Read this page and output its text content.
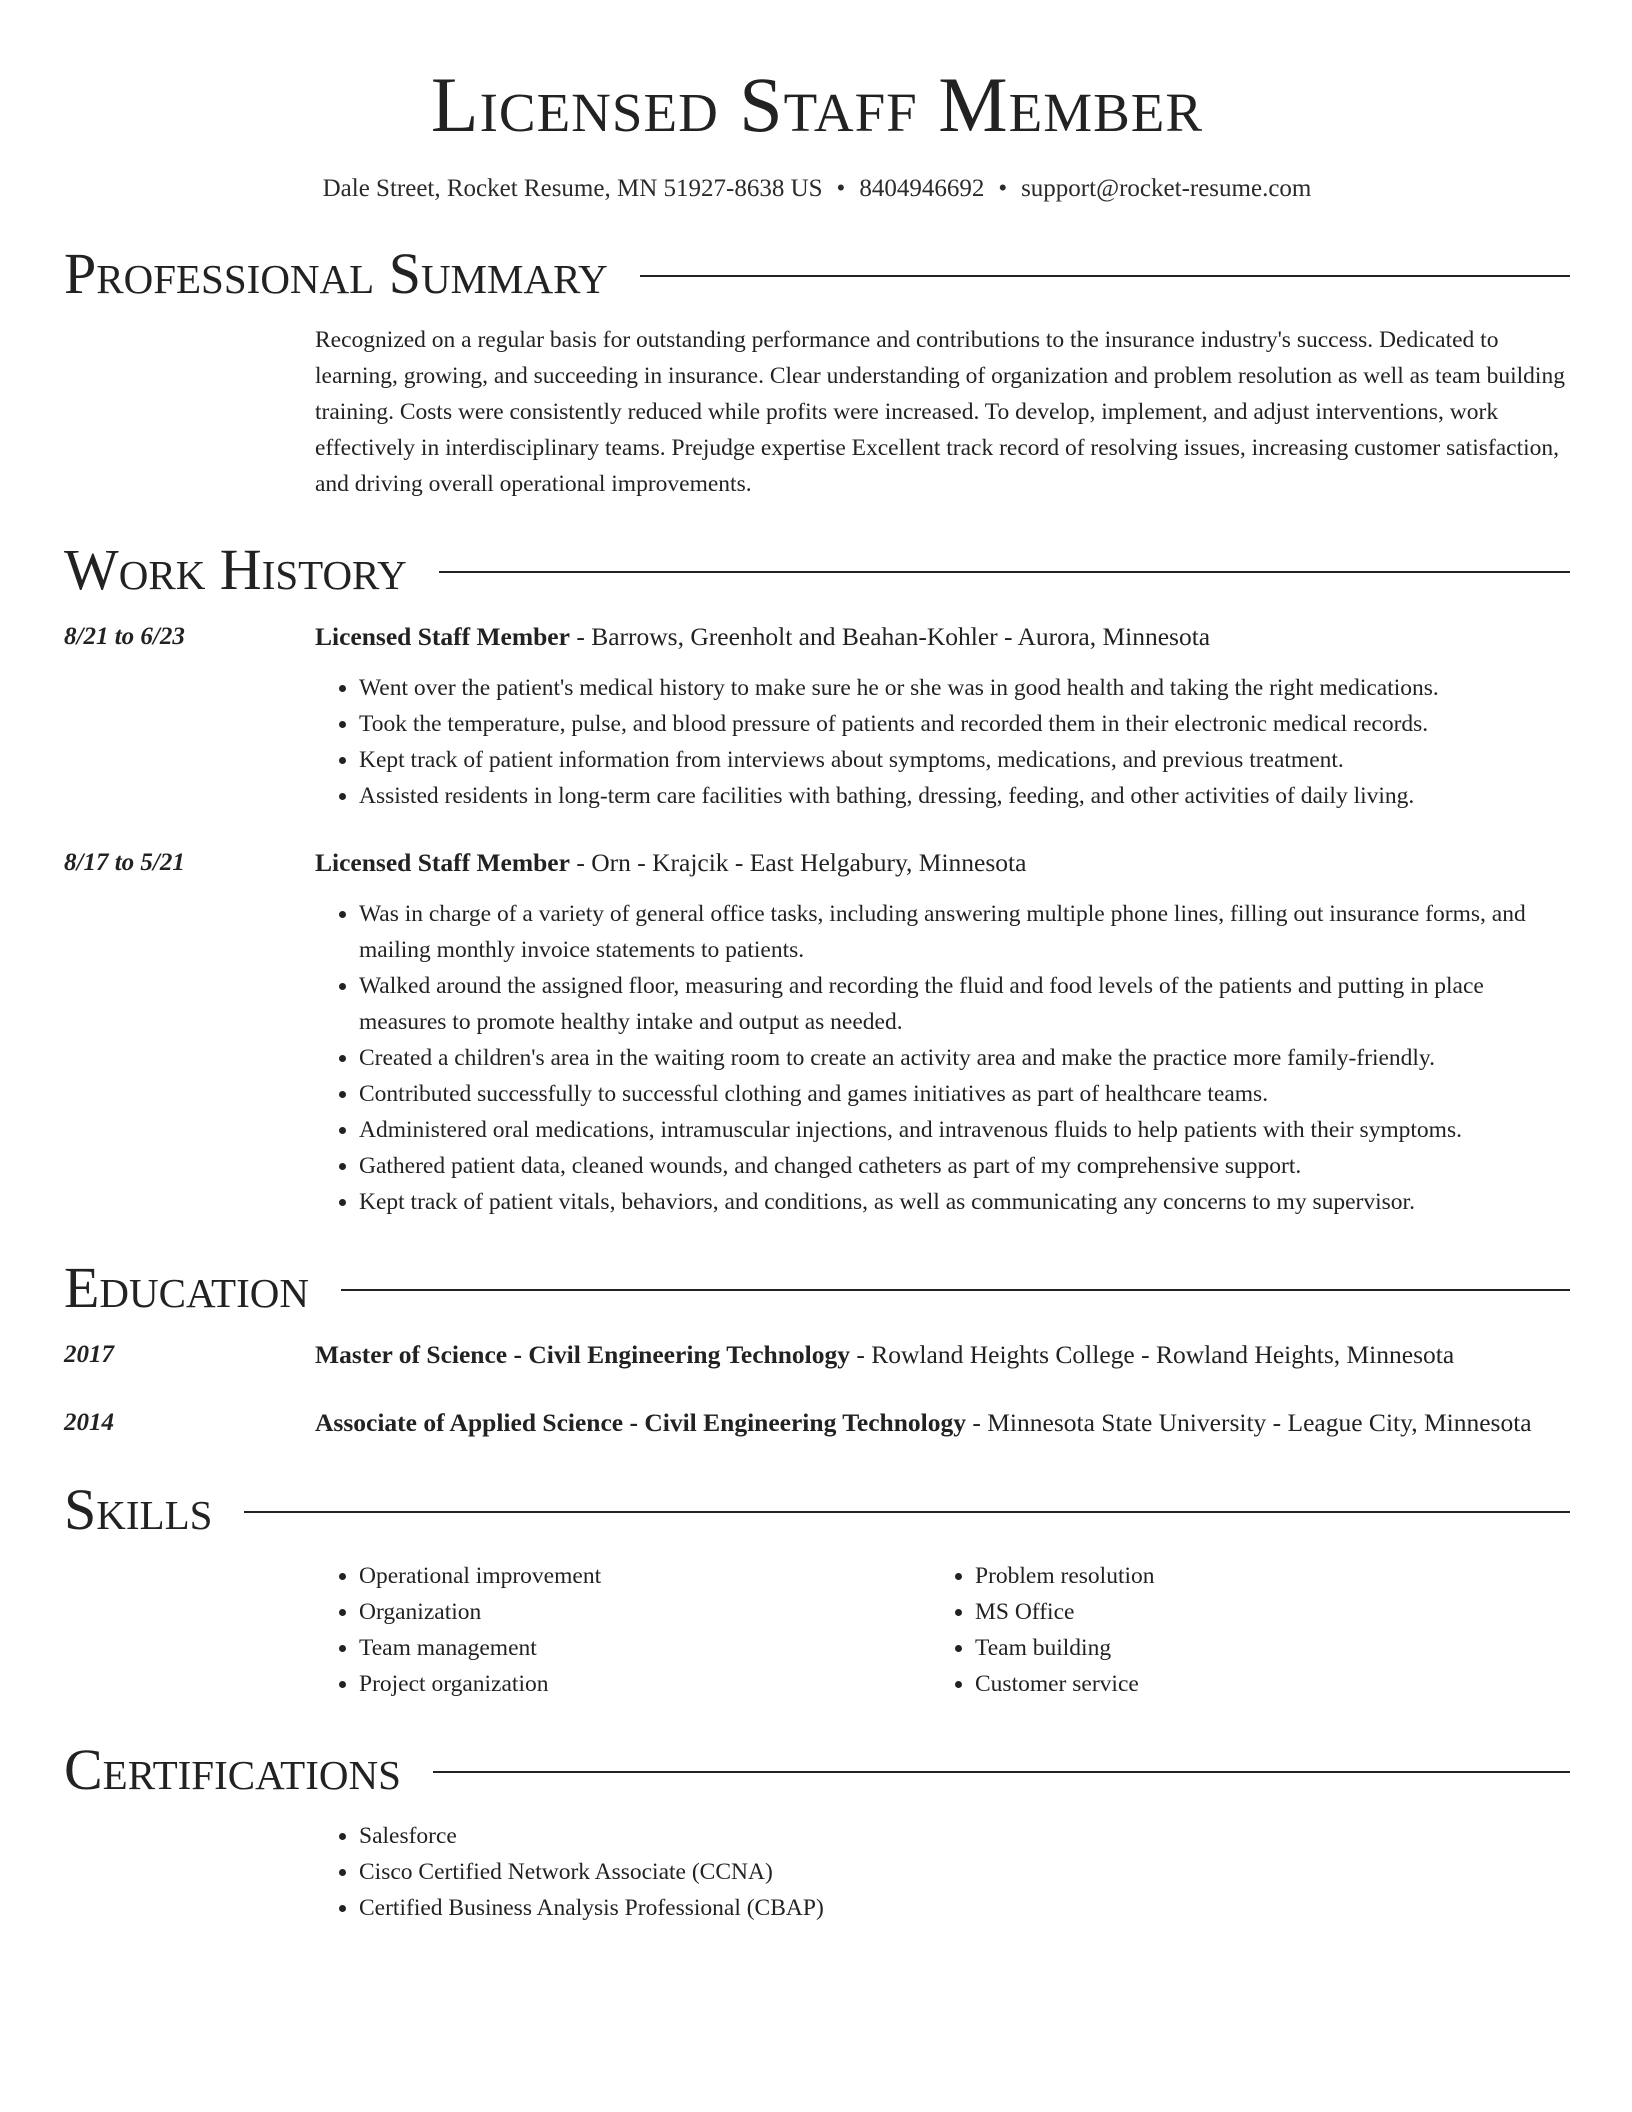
Licensed Staff Member
Dale Street, Rocket Resume, MN 51927-8638 US • 8404946692 • support@rocket-resume.com
Professional Summary
Recognized on a regular basis for outstanding performance and contributions to the insurance industry's success. Dedicated to learning, growing, and succeeding in insurance. Clear understanding of organization and problem resolution as well as team building training. Costs were consistently reduced while profits were increased. To develop, implement, and adjust interventions, work effectively in interdisciplinary teams. Prejudge expertise Excellent track record of resolving issues, increasing customer satisfaction, and driving overall operational improvements.
Work History
8/21 to 6/23	Licensed Staff Member - Barrows, Greenholt and Beahan-Kohler - Aurora, Minnesota
• Went over the patient's medical history to make sure he or she was in good health and taking the right medications.
• Took the temperature, pulse, and blood pressure of patients and recorded them in their electronic medical records.
• Kept track of patient information from interviews about symptoms, medications, and previous treatment.
• Assisted residents in long-term care facilities with bathing, dressing, feeding, and other activities of daily living.
8/17 to 5/21	Licensed Staff Member - Orn - Krajcik - East Helgabury, Minnesota
• Was in charge of a variety of general office tasks, including answering multiple phone lines, filling out insurance forms, and mailing monthly invoice statements to patients.
• Walked around the assigned floor, measuring and recording the fluid and food levels of the patients and putting in place measures to promote healthy intake and output as needed.
• Created a children's area in the waiting room to create an activity area and make the practice more family-friendly.
• Contributed successfully to successful clothing and games initiatives as part of healthcare teams.
• Administered oral medications, intramuscular injections, and intravenous fluids to help patients with their symptoms.
• Gathered patient data, cleaned wounds, and changed catheters as part of my comprehensive support.
• Kept track of patient vitals, behaviors, and conditions, as well as communicating any concerns to my supervisor.
Education
2017	Master of Science - Civil Engineering Technology - Rowland Heights College - Rowland Heights, Minnesota
2014	Associate of Applied Science - Civil Engineering Technology - Minnesota State University - League City, Minnesota
Skills
• Operational improvement
• Organization
• Team management
• Project organization
• Problem resolution
• MS Office
• Team building
• Customer service
Certifications
• Salesforce
• Cisco Certified Network Associate (CCNA)
• Certified Business Analysis Professional (CBAP)
